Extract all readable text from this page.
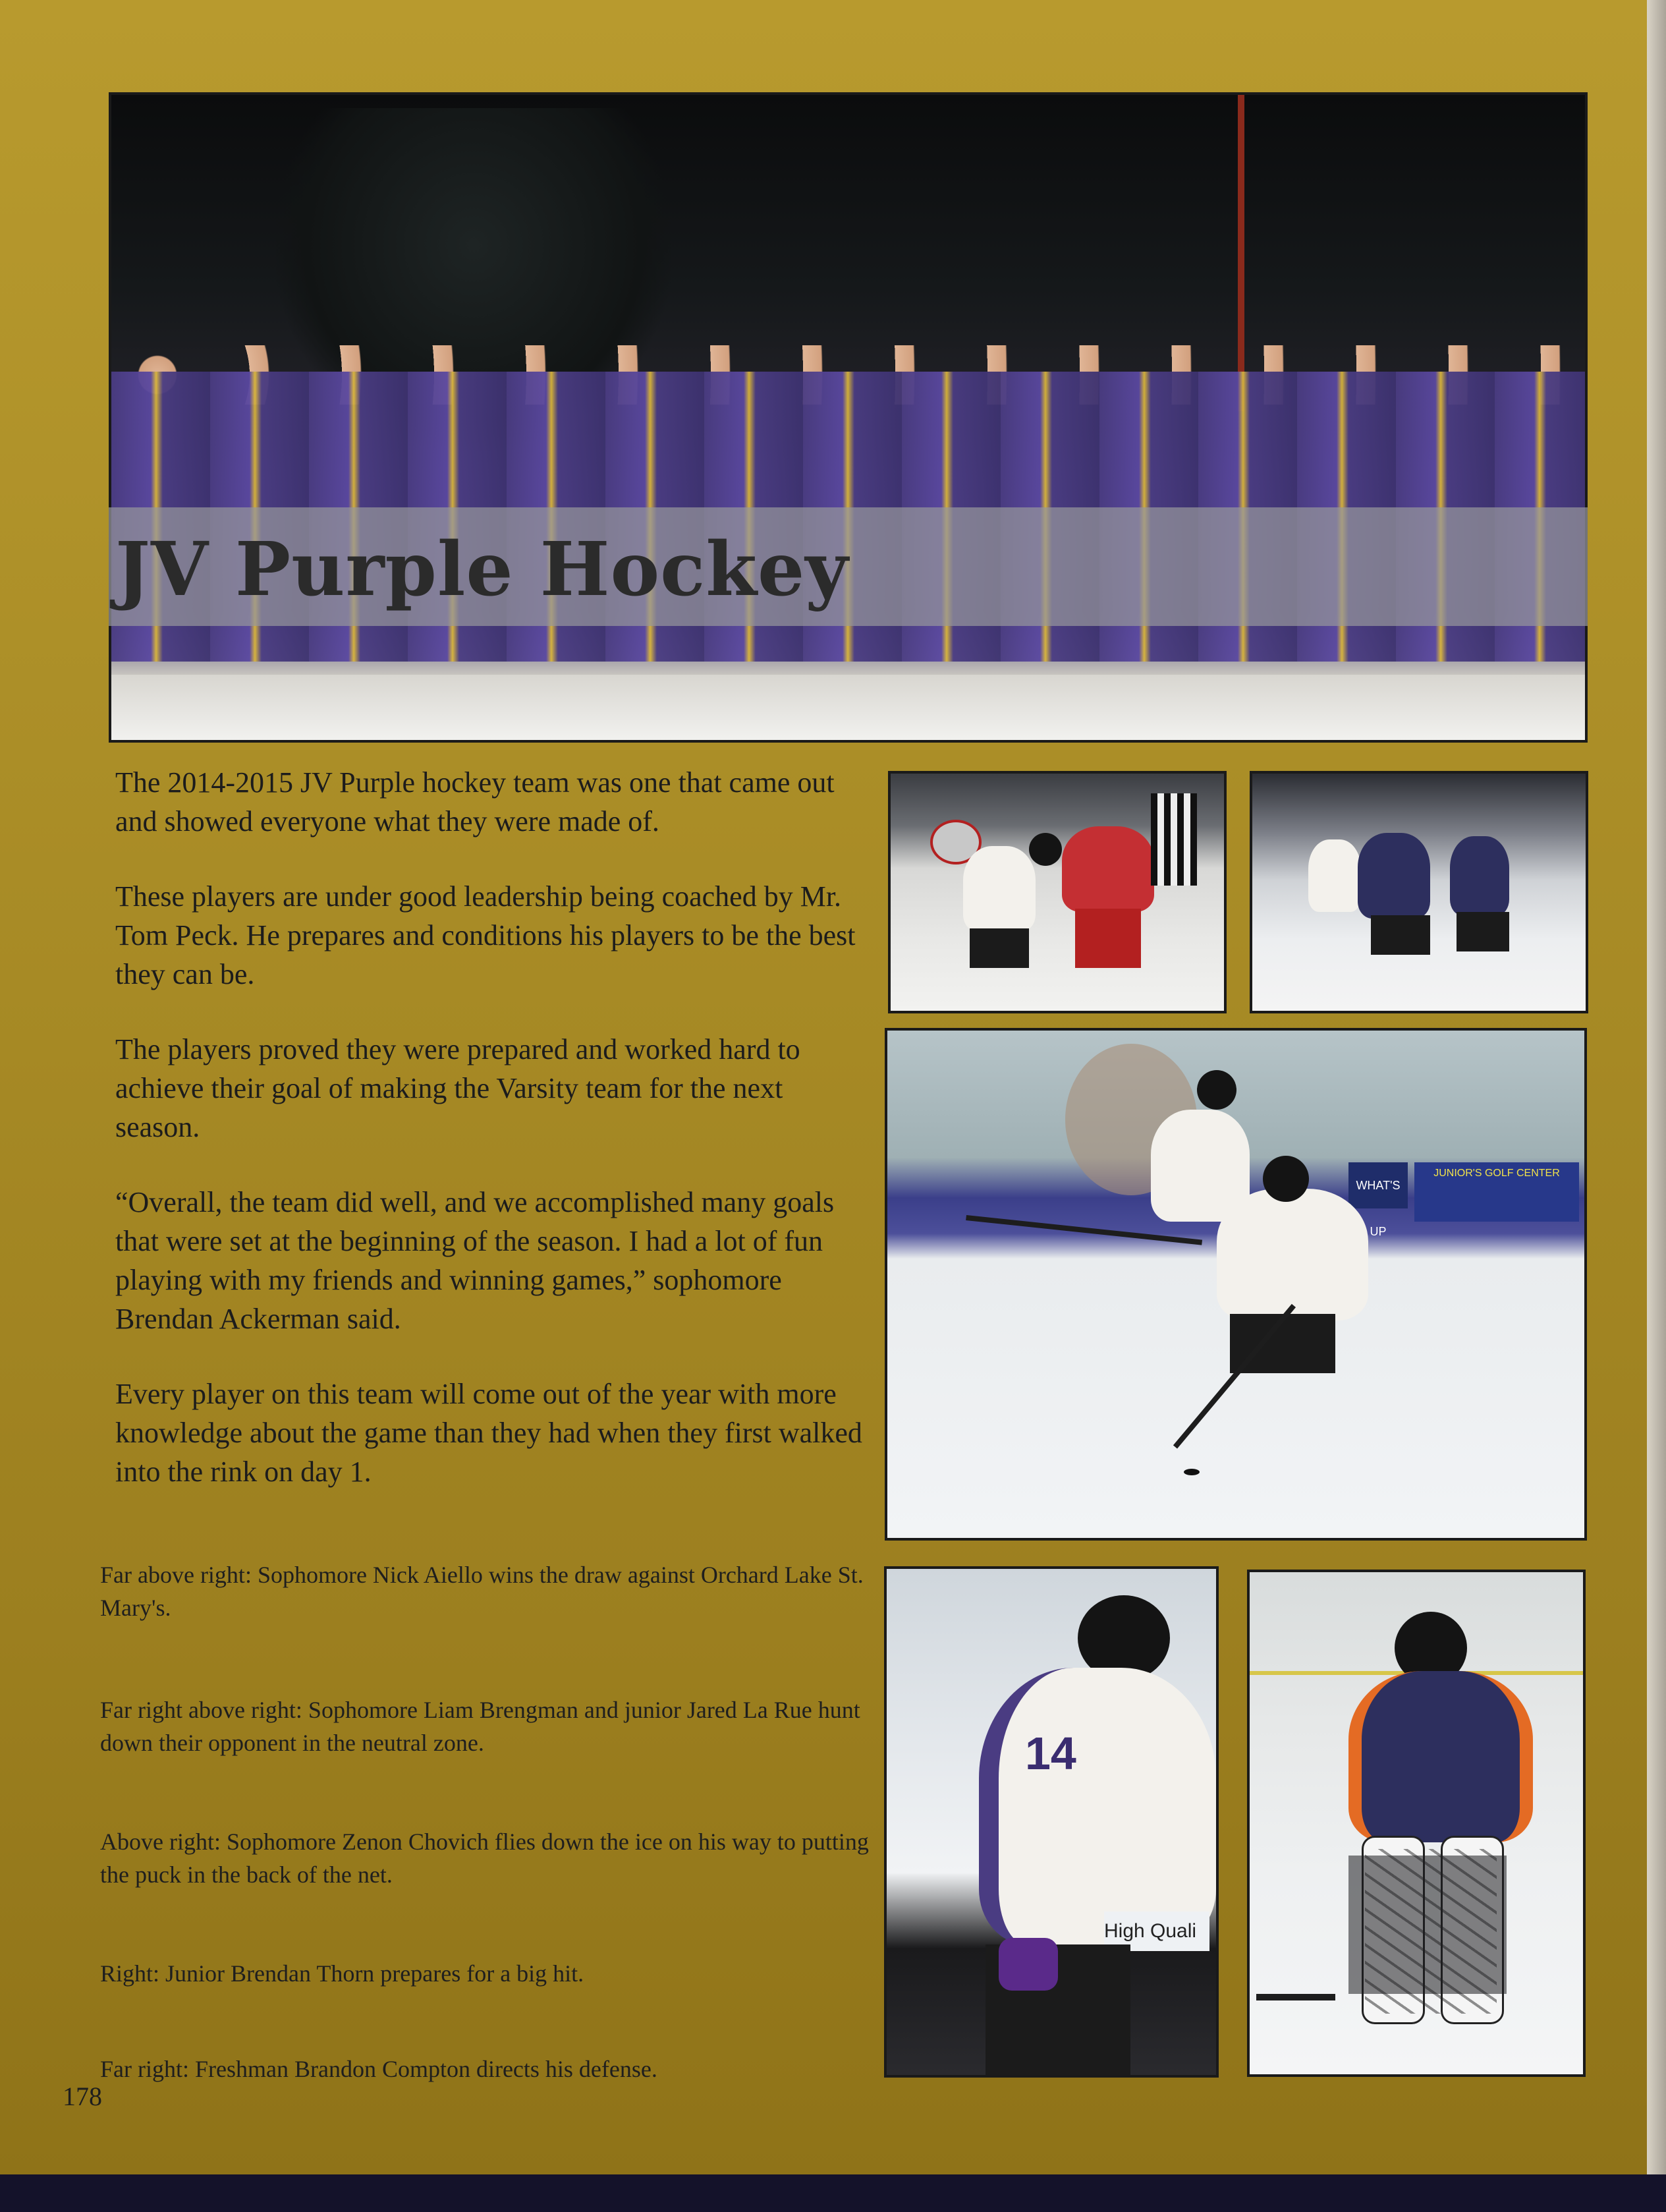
JV Purple Hockey

The 2014-2015 JV Purple hockey team was one that came out and showed everyone what they were made of.

These players are under good leadership being coached by Mr. Tom Peck. He prepares and conditions his players to be the best they can be.

The players proved they were prepared and worked hard to achieve their goal of making the Varsity team for the next season.

“Overall, the team did well, and we accomplished many goals that were set at the beginning of the season. I had a lot of fun playing with my friends and winning games,” sophomore Brendan Ackerman said.

Every player on this team will come out of the year with more knowledge about the game than they had when they first walked into the rink on day 1.

Far above right: Sophomore Nick Aiello wins the draw against Orchard Lake St. Mary's.

Far right above right: Sophomore Liam Brengman and junior Jared La Rue hunt down their opponent in the neutral zone.

Above right: Sophomore Zenon Chovich flies down the ice on his way to putting the puck in the back of the net.

Right: Junior Brendan Thorn prepares for a big hit.

Far right: Freshman Brandon Compton directs his defense.

178
WHAT'S UP
JUNIOR'S GOLF CENTER
14
High Quali
